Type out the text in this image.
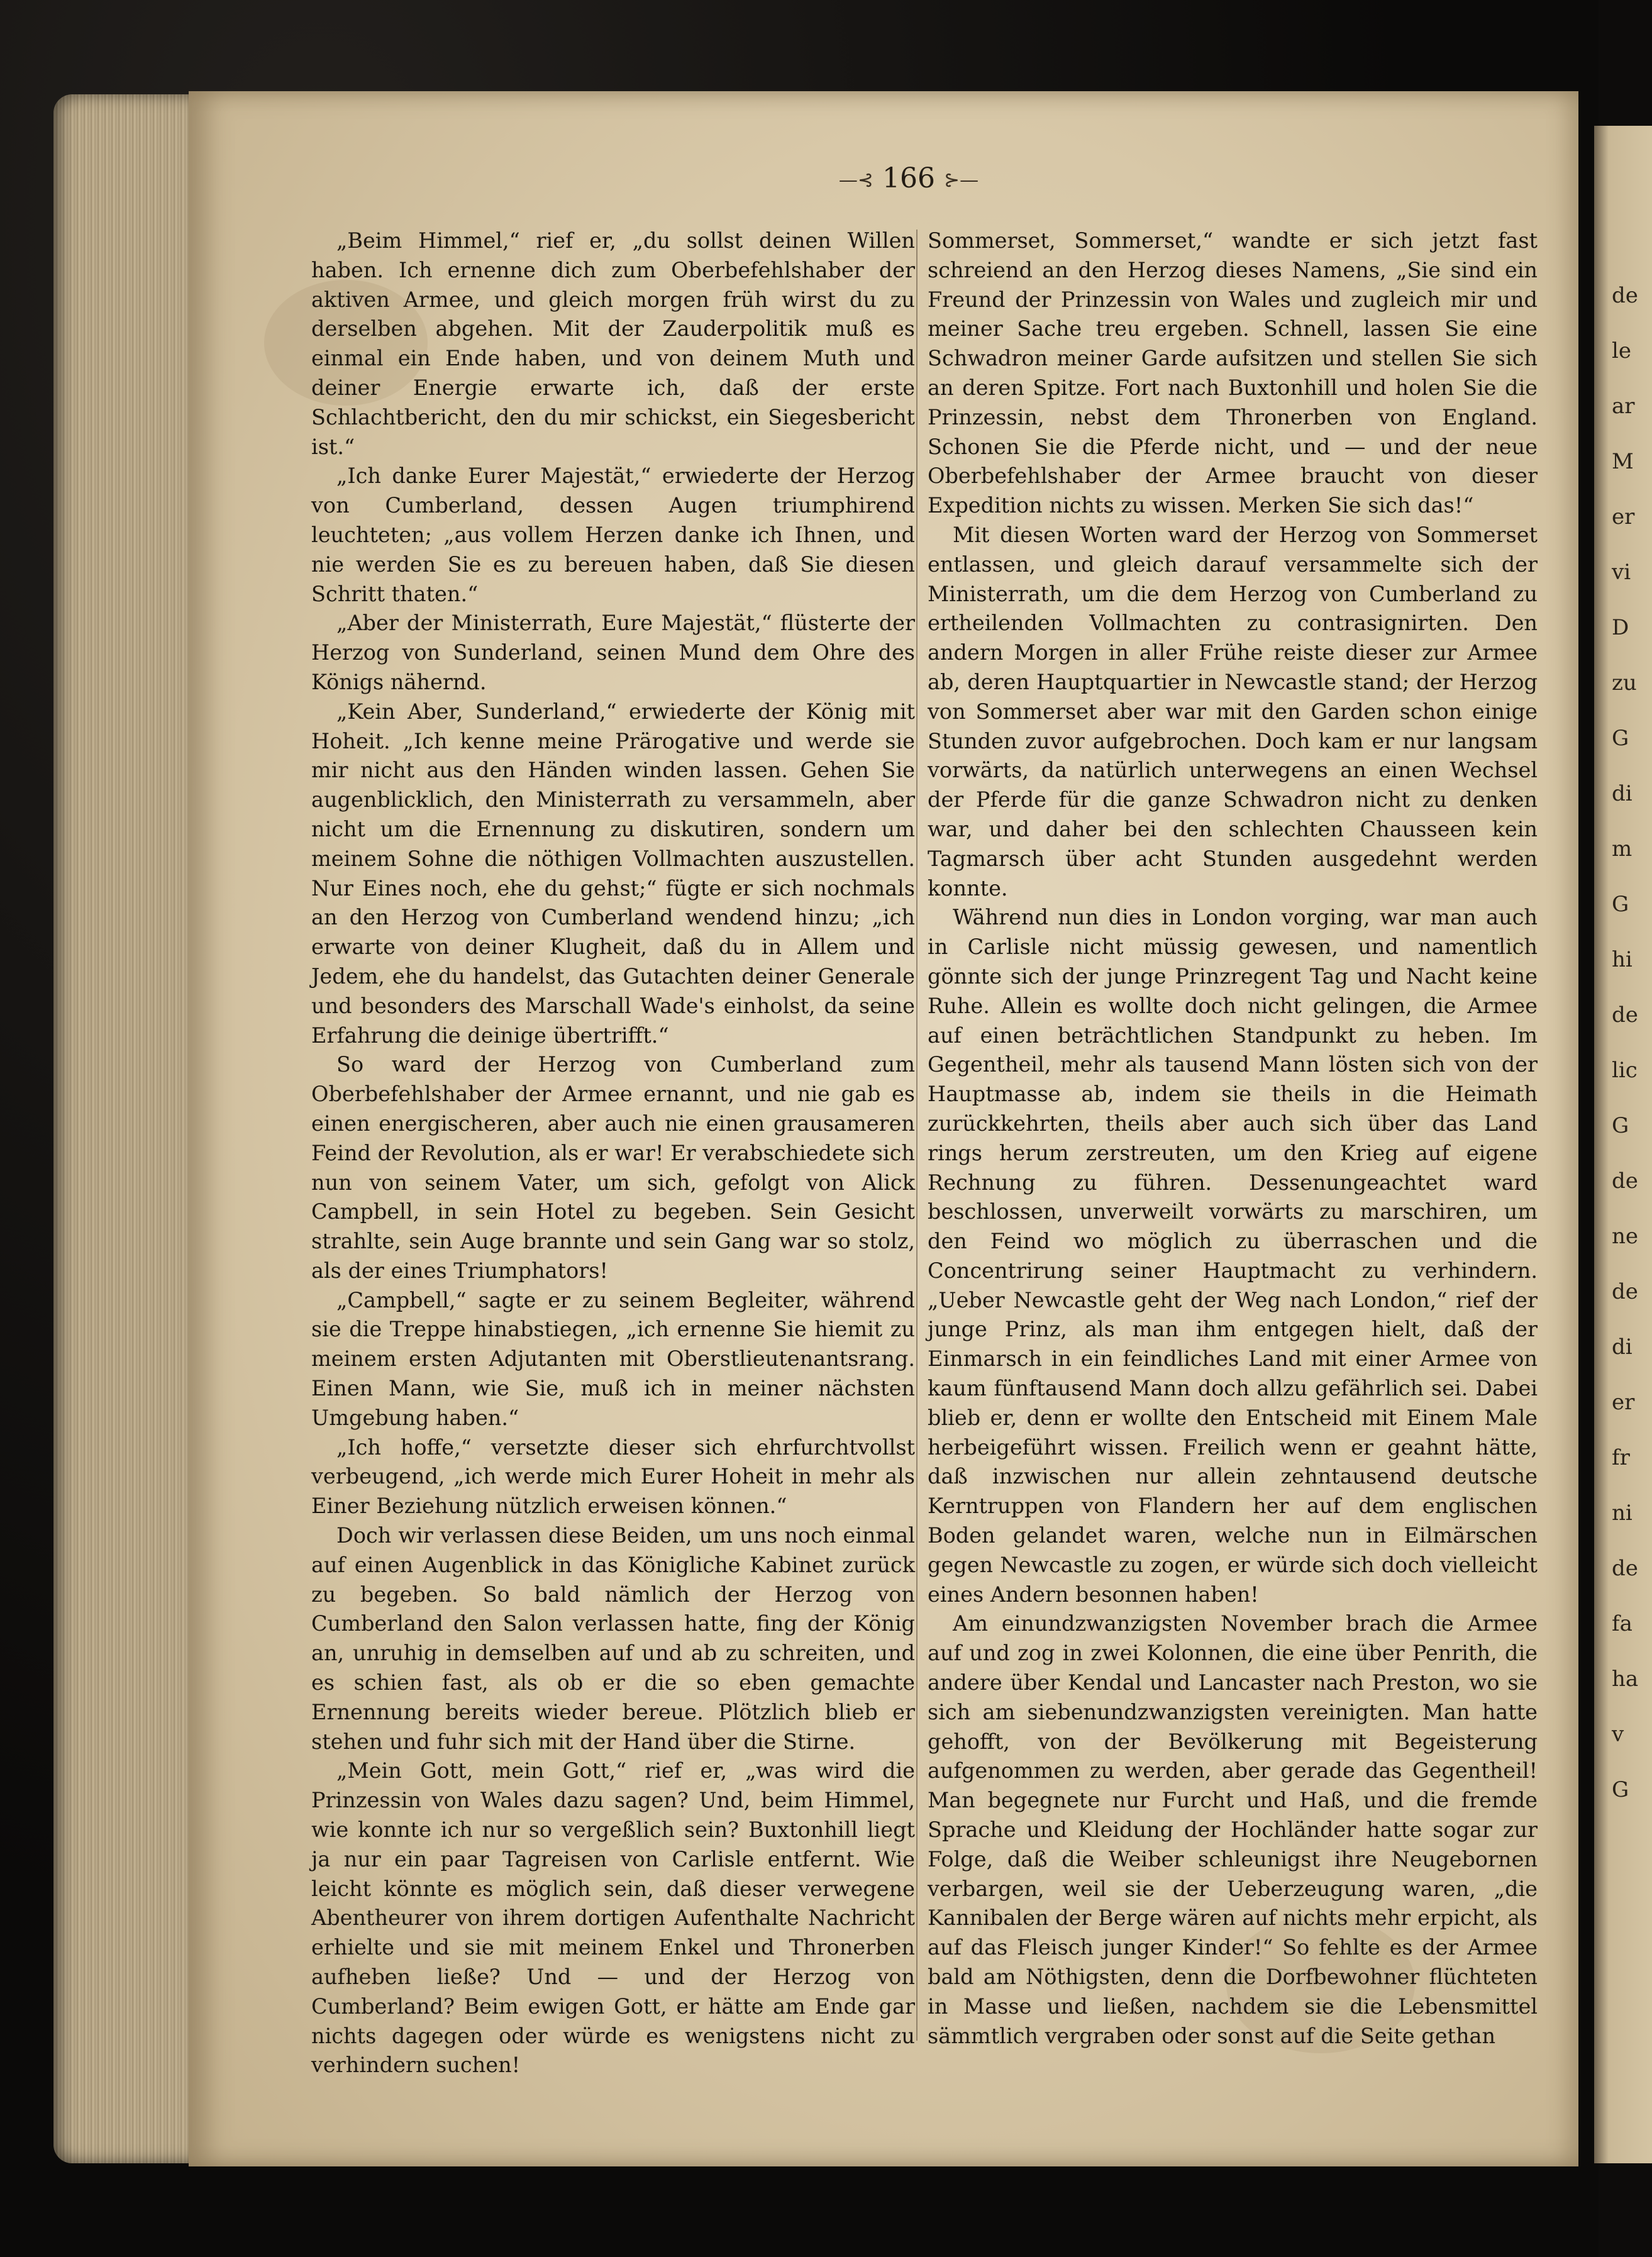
de
le
ar
M
er
vi
D
zu
G
di
m
G
hi
de
lic
G
de
ne
de
di
er
fr
ni
de
fa
ha
v
G
—⊰ 166 ⊱—

„Beim Himmel,“ rief er, „du sollst deinen Willen haben. Ich ernenne dich zum Oberbefehlshaber der aktiven Armee, und gleich morgen früh wirst du zu derselben abgehen. Mit der Zauderpolitik muß es einmal ein Ende haben, und von deinem Muth und deiner Energie erwarte ich, daß der erste Schlachtbericht, den du mir schickst, ein Siegesbericht ist.“

„Ich danke Eurer Majestät,“ erwiederte der Herzog von Cumberland, dessen Augen triumphirend leuchteten; „aus vollem Herzen danke ich Ihnen, und nie werden Sie es zu bereuen haben, daß Sie diesen Schritt thaten.“

„Aber der Ministerrath, Eure Majestät,“ flüsterte der Herzog von Sunderland, seinen Mund dem Ohre des Königs nähernd.

„Kein Aber, Sunderland,“ erwiederte der König mit Hoheit. „Ich kenne meine Prärogative und werde sie mir nicht aus den Händen winden lassen. Gehen Sie augenblicklich, den Ministerrath zu versammeln, aber nicht um die Ernennung zu diskutiren, sondern um meinem Sohne die nöthigen Vollmachten auszustellen. Nur Eines noch, ehe du gehst;“ fügte er sich nochmals an den Herzog von Cumberland wendend hinzu; „ich erwarte von deiner Klugheit, daß du in Allem und Jedem, ehe du handelst, das Gutachten deiner Generale und besonders des Marschall Wade's einholst, da seine Erfahrung die deinige übertrifft.“

So ward der Herzog von Cumberland zum Oberbefehlshaber der Armee ernannt, und nie gab es einen energischeren, aber auch nie einen grausameren Feind der Revolution, als er war! Er verabschiedete sich nun von seinem Vater, um sich, gefolgt von Alick Campbell, in sein Hotel zu begeben. Sein Gesicht strahlte, sein Auge brannte und sein Gang war so stolz, als der eines Triumphators!

„Campbell,“ sagte er zu seinem Begleiter, während sie die Treppe hinabstiegen, „ich ernenne Sie hiemit zu meinem ersten Adjutanten mit Oberstlieutenantsrang. Einen Mann, wie Sie, muß ich in meiner nächsten Umgebung haben.“

„Ich hoffe,“ versetzte dieser sich ehrfurchtvollst verbeugend, „ich werde mich Eurer Hoheit in mehr als Einer Beziehung nützlich erweisen können.“

Doch wir verlassen diese Beiden, um uns noch einmal auf einen Augenblick in das Königliche Kabinet zurück zu begeben. So bald nämlich der Herzog von Cumberland den Salon verlassen hatte, fing der König an, unruhig in demselben auf und ab zu schreiten, und es schien fast, als ob er die so eben gemachte Ernennung bereits wieder bereue. Plötzlich blieb er stehen und fuhr sich mit der Hand über die Stirne.

„Mein Gott, mein Gott,“ rief er, „was wird die Prinzessin von Wales dazu sagen? Und, beim Himmel, wie konnte ich nur so vergeßlich sein? Buxtonhill liegt ja nur ein paar Tagreisen von Carlisle entfernt. Wie leicht könnte es möglich sein, daß dieser verwegene Abentheurer von ihrem dortigen Aufenthalte Nachricht erhielte und sie mit meinem Enkel und Thronerben aufheben ließe? Und — und der Herzog von Cumberland? Beim ewigen Gott, er hätte am Ende gar nichts dagegen oder würde es wenigstens nicht zu verhindern suchen!

Sommerset, Sommerset,“ wandte er sich jetzt fast schreiend an den Herzog dieses Namens, „Sie sind ein Freund der Prinzessin von Wales und zugleich mir und meiner Sache treu ergeben. Schnell, lassen Sie eine Schwadron meiner Garde aufsitzen und stellen Sie sich an deren Spitze. Fort nach Buxtonhill und holen Sie die Prinzessin, nebst dem Thronerben von England. Schonen Sie die Pferde nicht, und — und der neue Oberbefehlshaber der Armee braucht von dieser Expedition nichts zu wissen. Merken Sie sich das!“

Mit diesen Worten ward der Herzog von Sommerset entlassen, und gleich darauf versammelte sich der Ministerrath, um die dem Herzog von Cumberland zu ertheilenden Vollmachten zu contrasignirten. Den andern Morgen in aller Frühe reiste dieser zur Armee ab, deren Hauptquartier in Newcastle stand; der Herzog von Sommerset aber war mit den Garden schon einige Stunden zuvor aufgebrochen. Doch kam er nur langsam vorwärts, da natürlich unterwegens an einen Wechsel der Pferde für die ganze Schwadron nicht zu denken war, und daher bei den schlechten Chausseen kein Tagmarsch über acht Stunden ausgedehnt werden konnte.

Während nun dies in London vorging, war man auch in Carlisle nicht müssig gewesen, und namentlich gönnte sich der junge Prinzregent Tag und Nacht keine Ruhe. Allein es wollte doch nicht gelingen, die Armee auf einen beträchtlichen Standpunkt zu heben. Im Gegentheil, mehr als tausend Mann lösten sich von der Hauptmasse ab, indem sie theils in die Heimath zurückkehrten, theils aber auch sich über das Land rings herum zerstreuten, um den Krieg auf eigene Rechnung zu führen. Dessenungeachtet ward beschlossen, unverweilt vorwärts zu marschiren, um den Feind wo möglich zu überraschen und die Concentrirung seiner Hauptmacht zu verhindern. „Ueber Newcastle geht der Weg nach London,“ rief der junge Prinz, als man ihm entgegen hielt, daß der Einmarsch in ein feindliches Land mit einer Armee von kaum fünftausend Mann doch allzu gefährlich sei. Dabei blieb er, denn er wollte den Entscheid mit Einem Male herbeigeführt wissen. Freilich wenn er geahnt hätte, daß inzwischen nur allein zehntausend deutsche Kerntruppen von Flandern her auf dem englischen Boden gelandet waren, welche nun in Eilmärschen gegen Newcastle zu zogen, er würde sich doch vielleicht eines Andern besonnen haben!

Am einundzwanzigsten November brach die Armee auf und zog in zwei Kolonnen, die eine über Penrith, die andere über Kendal und Lancaster nach Preston, wo sie sich am siebenundzwanzigsten vereinigten. Man hatte gehofft, von der Bevölkerung mit Begeisterung aufgenommen zu werden, aber gerade das Gegentheil! Man begegnete nur Furcht und Haß, und die fremde Sprache und Kleidung der Hochländer hatte sogar zur Folge, daß die Weiber schleunigst ihre Neugebornen verbargen, weil sie der Ueberzeugung waren, „die Kannibalen der Berge wären auf nichts mehr erpicht, als auf das Fleisch junger Kinder!“ So fehlte es der Armee bald am Nöthigsten, denn die Dorfbewohner flüchteten in Masse und ließen, nachdem sie die Lebensmittel sämmtlich vergraben oder sonst auf die Seite gethan
